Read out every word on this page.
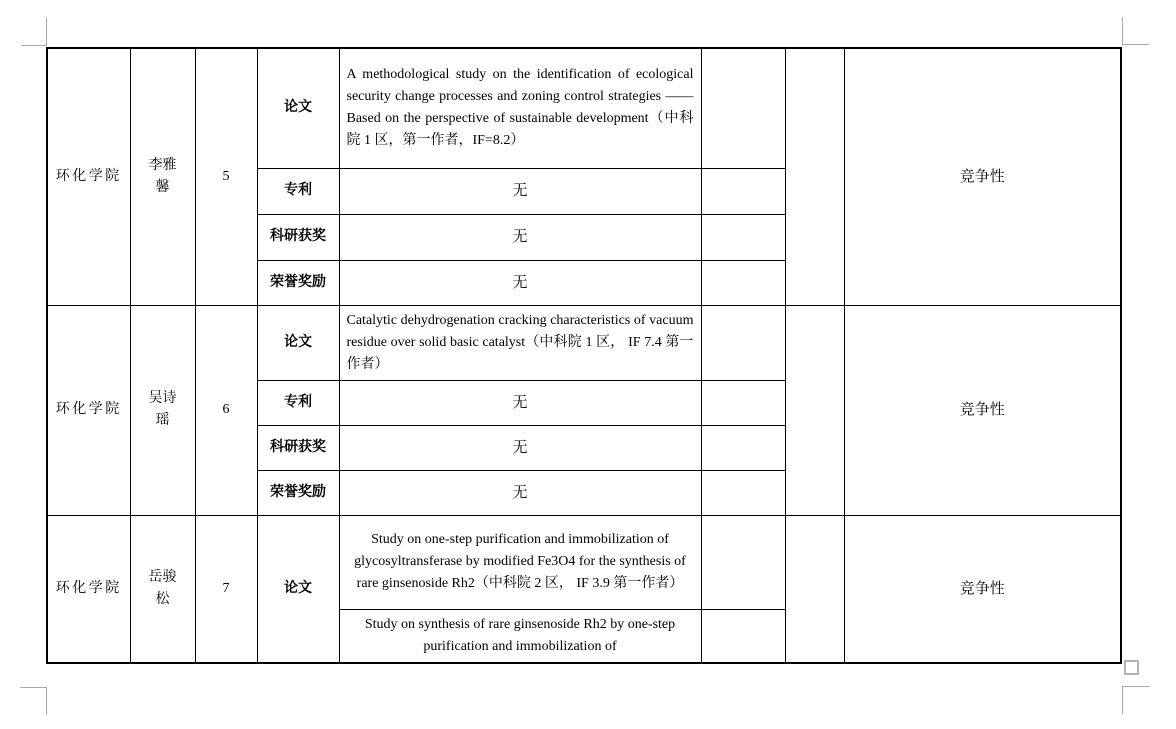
环化学院	李雅馨	5	论文	A methodological study on the identification of ecological security change processes and zoning control strategies —— Based on the perspective of sustainable development（中科院 1 区，第一作者，IF=8.2）			竞争性
			专利	无			
			科研获奖	无			
			荣誉奖励	无			
环化学院	吴诗瑶	6	论文	Catalytic dehydrogenation cracking characteristics of vacuum residue over solid basic catalyst（中科院 1 区， IF 7.4 第一作者）			竞争性
			专利	无			
			科研获奖	无			
			荣誉奖励	无			
环化学院	岳骏松	7	论文	Study on one-step purification and immobilization of glycosyltransferase by modified Fe3O4 for the synthesis of rare ginsenoside Rh2（中科院 2 区， IF 3.9 第一作者）			竞争性
				Study on synthesis of rare ginsenoside Rh2 by one-step purification and immobilization of			
